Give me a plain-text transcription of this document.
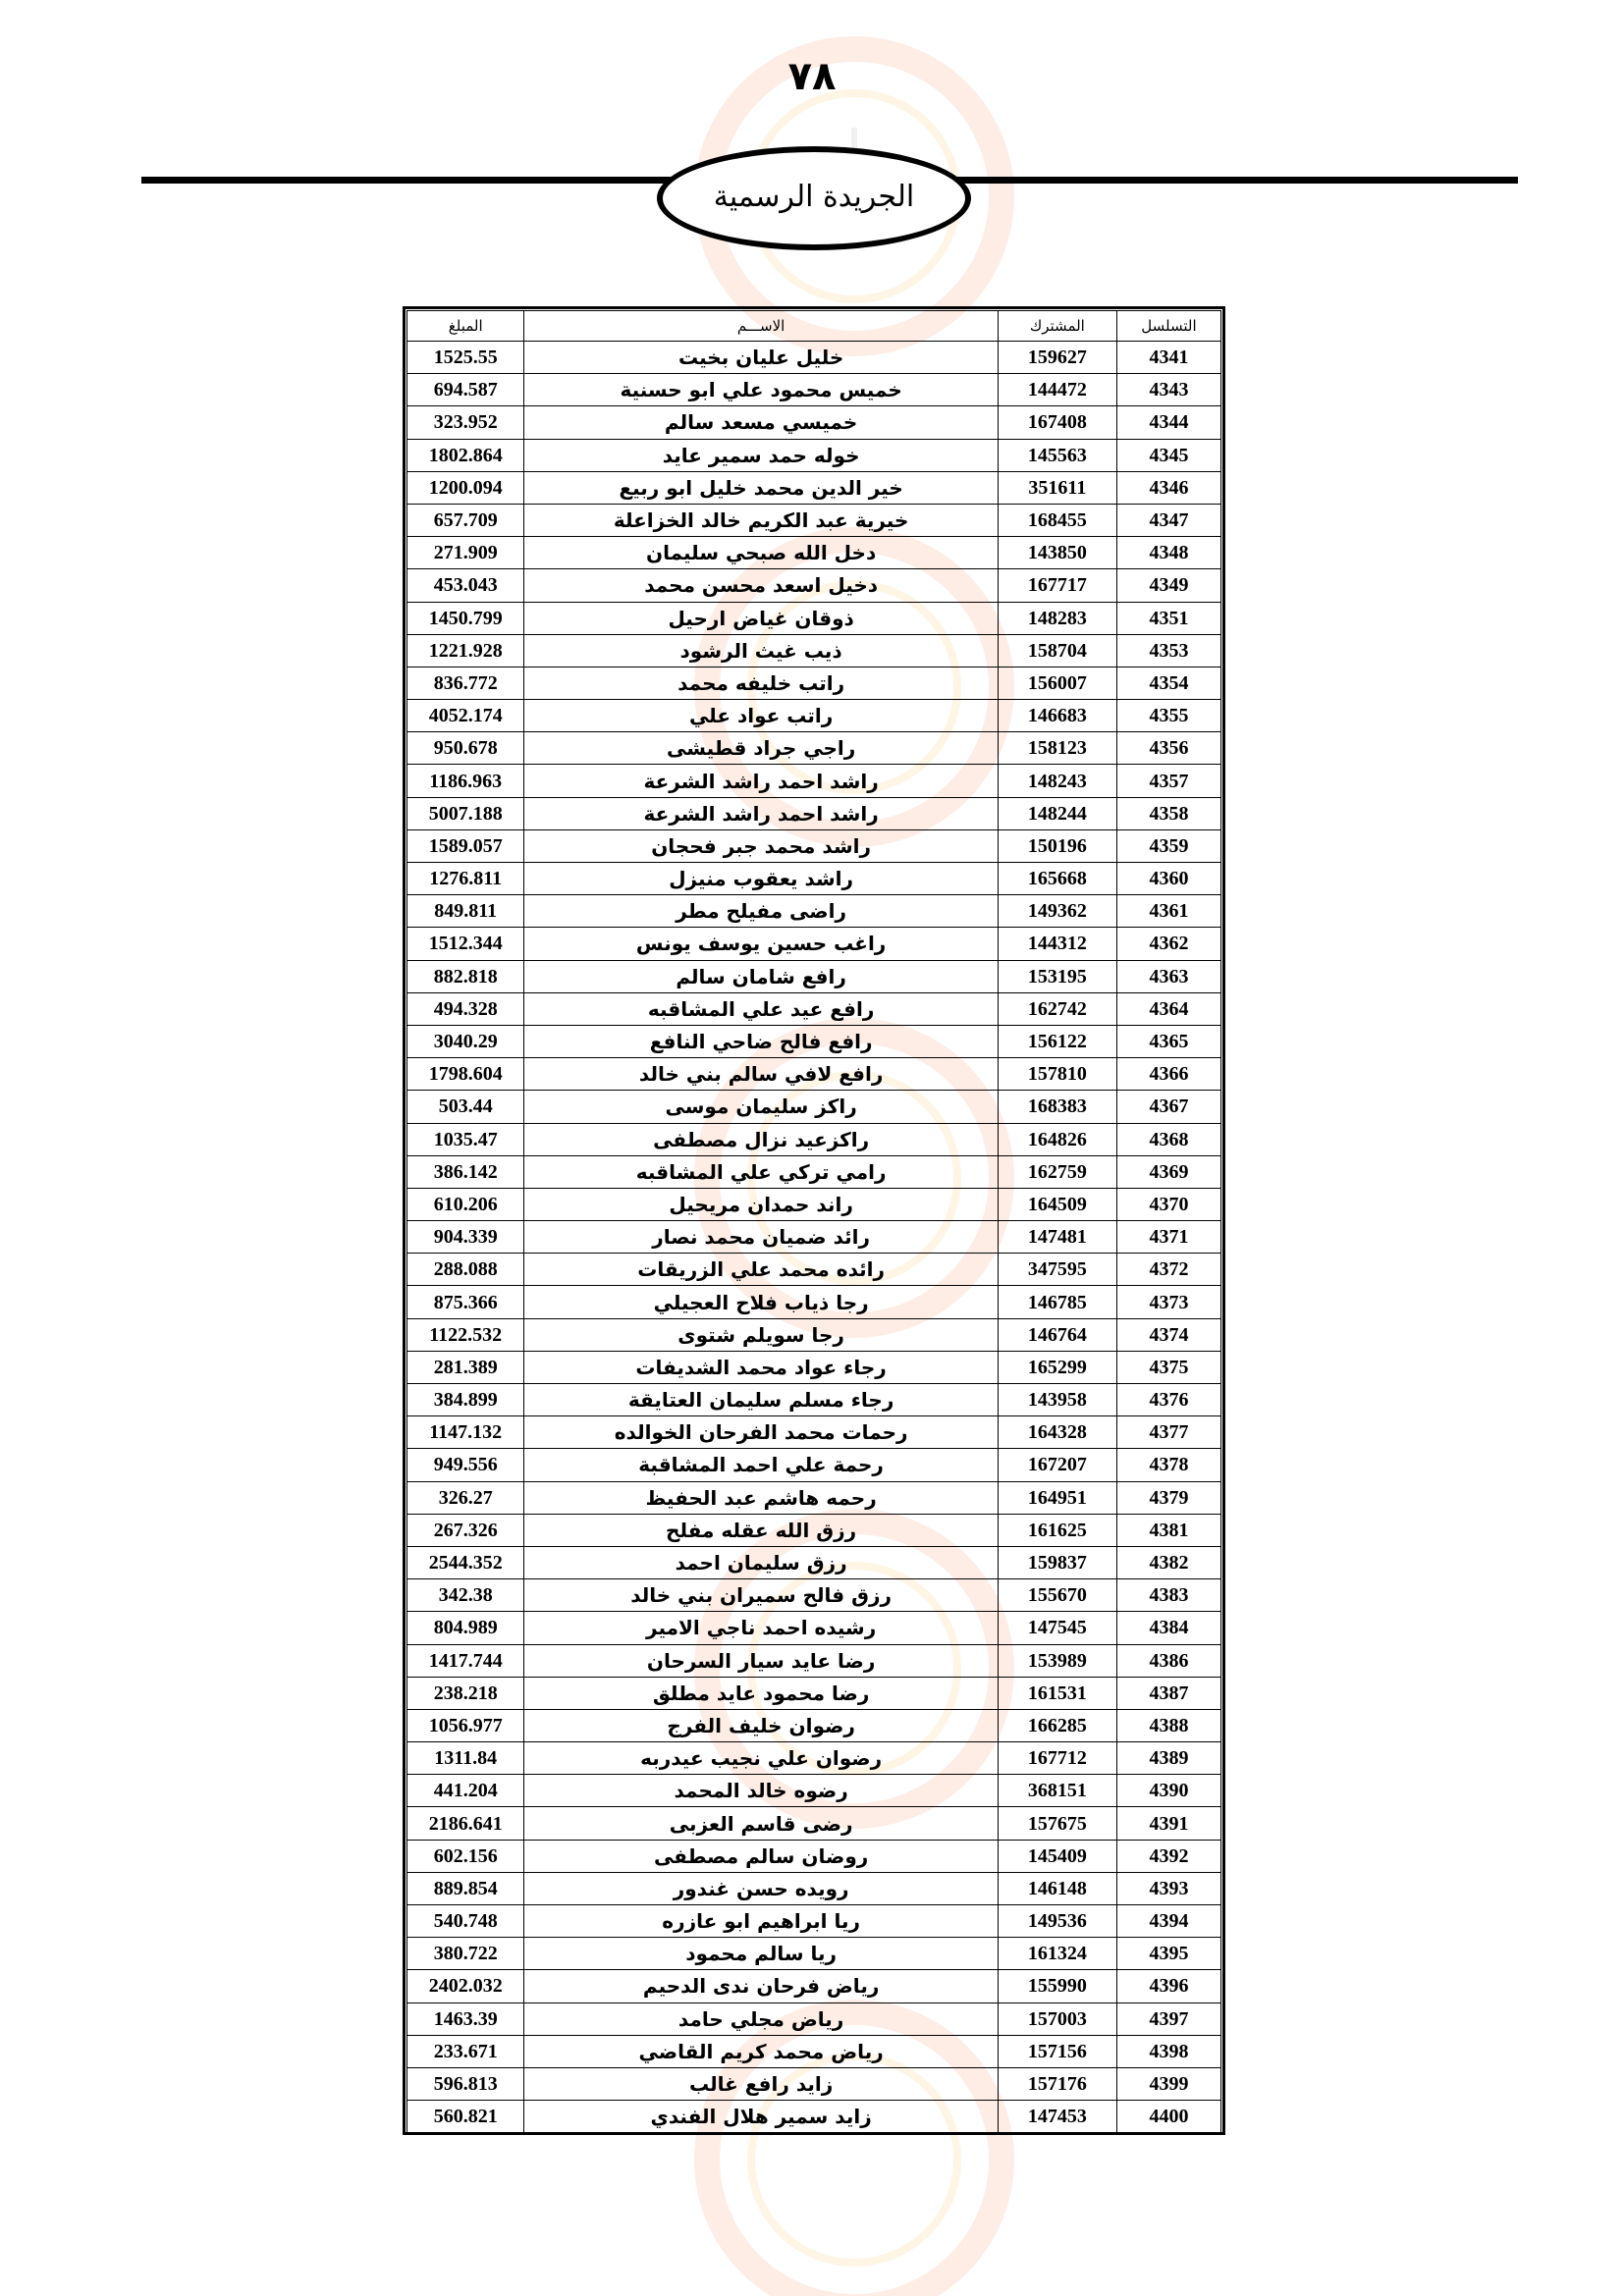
٧٨
الجريدة الرسمية
التسلسل	المشترك	الاســـم	المبلغ
4341	159627	خليل عليان بخيت	1525.55
4343	144472	خميس محمود علي ابو حسنية	694.587
4344	167408	خميسي مسعد سالم	323.952
4345	145563	خوله حمد سمير عايد	1802.864
4346	351611	خير الدين محمد خليل ابو ربيع	1200.094
4347	168455	خيرية عبد الكريم خالد الخزاعلة	657.709
4348	143850	دخل الله صبحي سليمان	271.909
4349	167717	دخيل اسعد محسن محمد	453.043
4351	148283	ذوقان غياض ارحيل	1450.799
4353	158704	ذيب غيث الرشود	1221.928
4354	156007	راتب خليفه محمد	836.772
4355	146683	راتب عواد علي	4052.174
4356	158123	راجي جراد قطيشى	950.678
4357	148243	راشد احمد راشد الشرعة	1186.963
4358	148244	راشد احمد راشد الشرعة	5007.188
4359	150196	راشد محمد جبر فحجان	1589.057
4360	165668	راشد يعقوب منيزل	1276.811
4361	149362	راضى مفيلح مطر	849.811
4362	144312	راغب حسين يوسف يونس	1512.344
4363	153195	رافع شامان سالم	882.818
4364	162742	رافع عيد علي المشاقبه	494.328
4365	156122	رافع فالح ضاحي النافع	3040.29
4366	157810	رافع لافي سالم بني خالد	1798.604
4367	168383	راكز سليمان موسى	503.44
4368	164826	راكزعيد نزال مصطفى	1035.47
4369	162759	رامي تركي علي المشاقبه	386.142
4370	164509	راند حمدان مريحيل	610.206
4371	147481	رائد ضميان محمد نصار	904.339
4372	347595	رائده محمد علي الزريقات	288.088
4373	146785	رجا ذياب فلاح العجيلي	875.366
4374	146764	رجا سويلم شتوى	1122.532
4375	165299	رجاء عواد محمد الشديفات	281.389
4376	143958	رجاء مسلم سليمان العتايقة	384.899
4377	164328	رحمات محمد الفرحان الخوالده	1147.132
4378	167207	رحمة علي احمد المشاقبة	949.556
4379	164951	رحمه هاشم عبد الحفيظ	326.27
4381	161625	رزق الله عقله مفلح	267.326
4382	159837	رزق سليمان احمد	2544.352
4383	155670	رزق فالح سميران بني خالد	342.38
4384	147545	رشيده احمد ناجي الامير	804.989
4386	153989	رضا عايد سيار السرحان	1417.744
4387	161531	رضا محمود عايد مطلق	238.218
4388	166285	رضوان خليف الفرج	1056.977
4389	167712	رضوان علي نجيب عيدربه	1311.84
4390	368151	رضوه خالد المحمد	441.204
4391	157675	رضى قاسم العزبى	2186.641
4392	145409	روضان سالم مصطفى	602.156
4393	146148	رويده حسن غندور	889.854
4394	149536	ريا ابراهيم ابو عازره	540.748
4395	161324	ريا سالم محمود	380.722
4396	155990	رياض فرحان ندى الدحيم	2402.032
4397	157003	رياض مجلي حامد	1463.39
4398	157156	رياض محمد كريم القاضي	233.671
4399	157176	زايد رافع غالب	596.813
4400	147453	زايد سمير هلال الفندي	560.821
